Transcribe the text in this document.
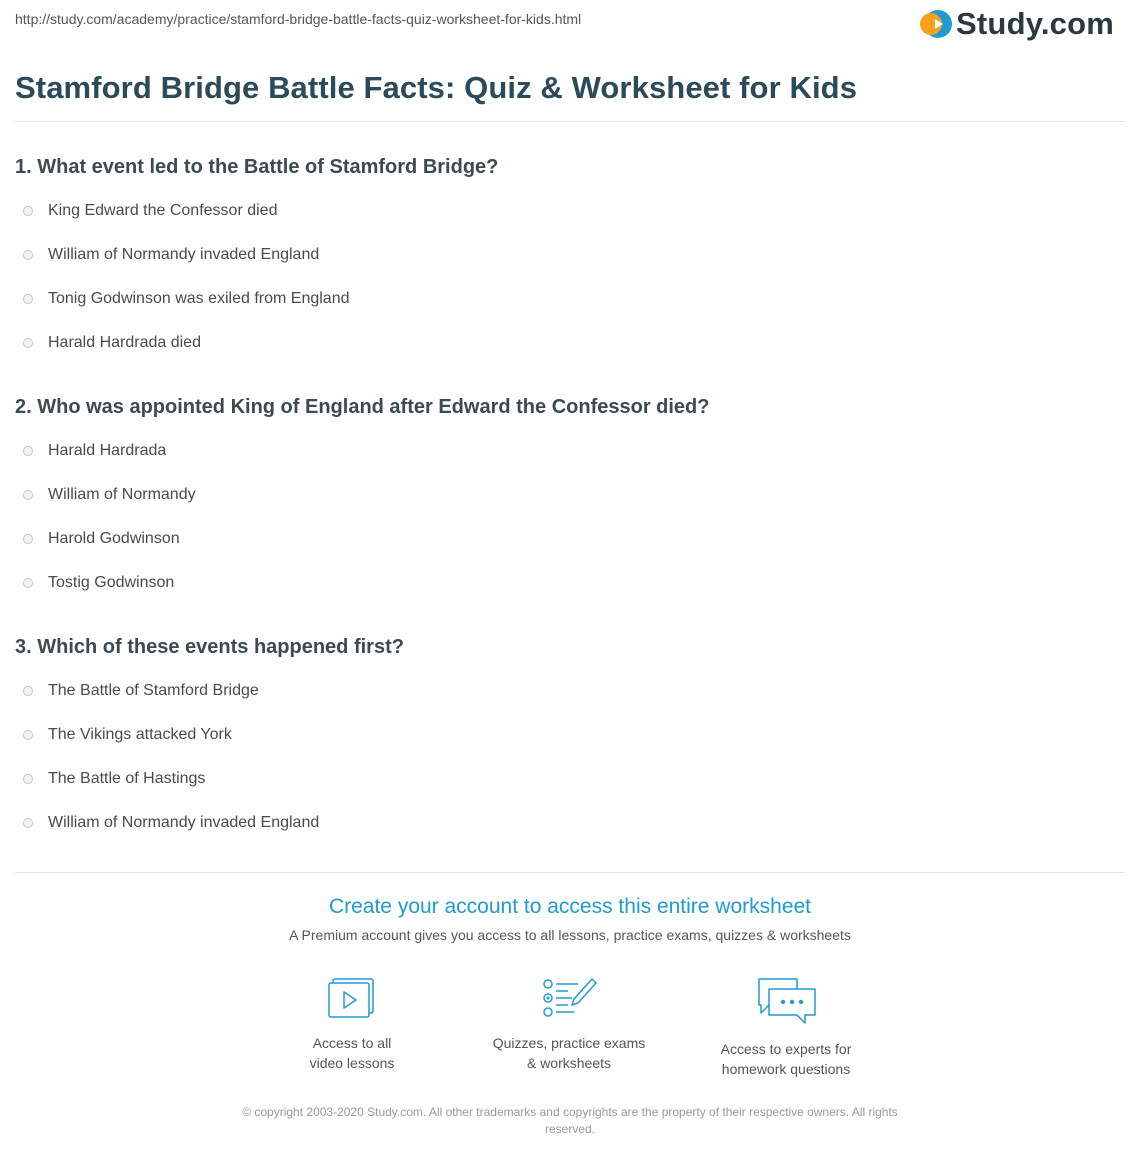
http://study.com/academy/practice/stamford-bridge-battle-facts-quiz-worksheet-for-kids.html	Study.com
Stamford Bridge Battle Facts: Quiz & Worksheet for Kids

1. What event led to the Battle of Stamford Bridge?

King Edward the Confessor died
William of Normandy invaded England
Tonig Godwinson was exiled from England
Harald Hardrada died

2. Who was appointed King of England after Edward the Confessor died?

Harald Hardrada
William of Normandy
Harold Godwinson
Tostig Godwinson

3. Which of these events happened first?

The Battle of Stamford Bridge
The Vikings attacked York
The Battle of Hastings
William of Normandy invaded England

Create your account to access this entire worksheet

A Premium account gives you access to all lessons, practice exams, quizzes & worksheets
Access to all
video lessons
Quizzes, practice exams
& worksheets
Access to experts for
homework questions
© copyright 2003-2020 Study.com. All other trademarks and copyrights are the property of their respective owners. All rights
reserved.
